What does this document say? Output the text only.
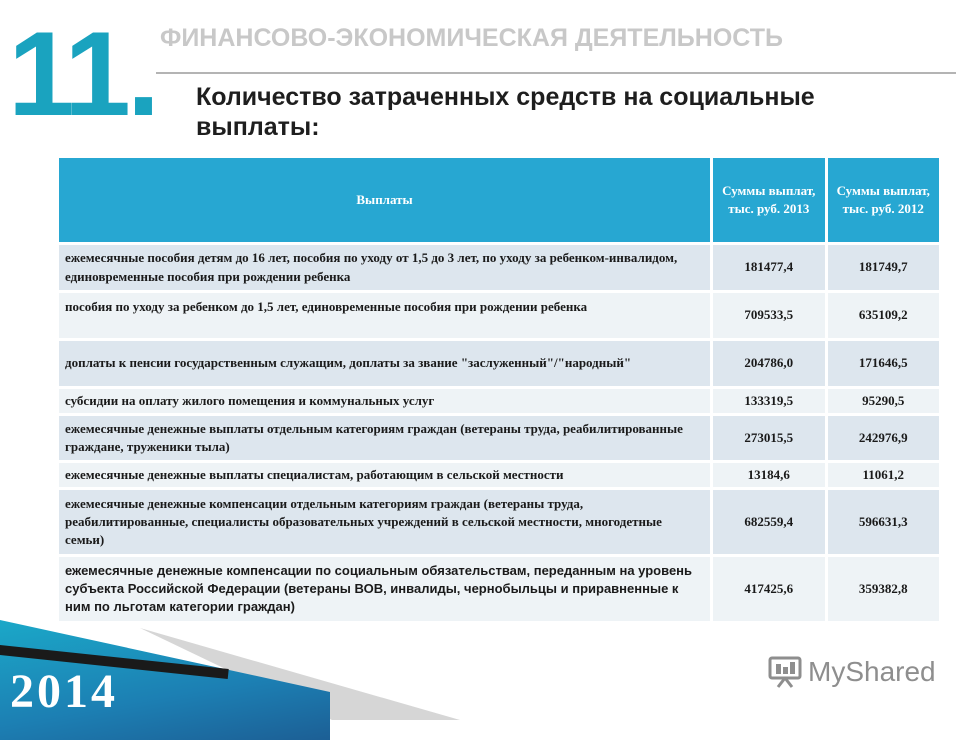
11. ФИНАНСОВО-ЭКОНОМИЧЕСКАЯ ДЕЯТЕЛЬНОСТЬ
Количество затраченных средств на социальные выплаты:
Выплаты	Суммы выплат, тыс. руб. 2013	Суммы выплат, тыс. руб. 2012
ежемесячные пособия детям до 16 лет, пособия по уходу от 1,5 до 3 лет, по уходу за ребенком-инвалидом, единовременные пособия при рождении ребенка	181477,4	181749,7
пособия по уходу за ребенком до 1,5 лет, единовременные пособия при рождении ребенка	709533,5	635109,2
доплаты к пенсии государственным служащим, доплаты за звание "заслуженный"/"народный"	204786,0	171646,5
субсидии на оплату жилого помещения и коммунальных услуг	133319,5	95290,5
ежемесячные денежные выплаты отдельным категориям граждан (ветераны труда, реабилитированные граждане, труженики тыла)	273015,5	242976,9
ежемесячные денежные выплаты специалистам, работающим в сельской местности	13184,6	11061,2
ежемесячные денежные компенсации отдельным категориям граждан (ветераны труда, реабилитированные, специалисты образовательных учреждений в сельской местности, многодетные семьи)	682559,4	596631,3
ежемесячные денежные компенсации по социальным обязательствам, переданным на уровень субъекта Российской Федерации (ветераны ВОВ, инвалиды, чернобыльцы и приравненные к ним по льготам категории граждан)	417425,6	359382,8
2014	MyShared
